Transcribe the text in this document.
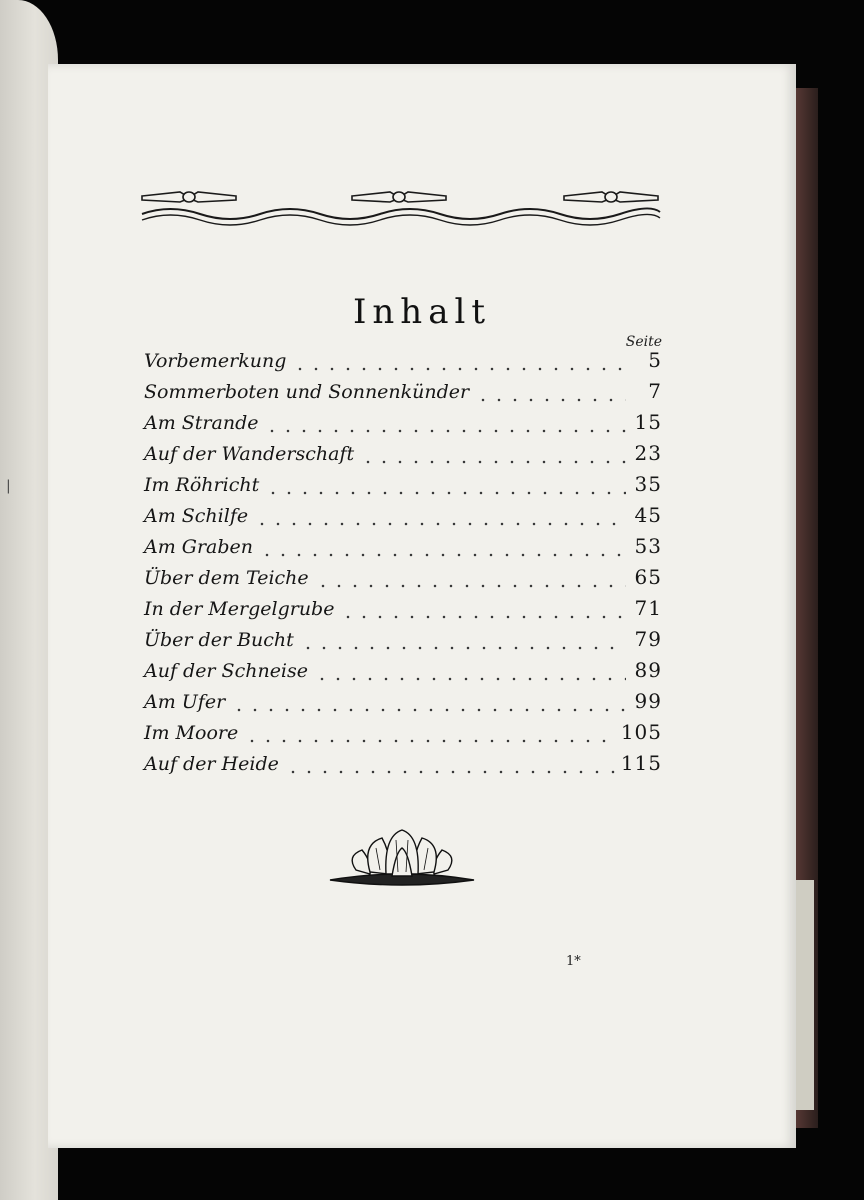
|
Inhalt
Seite
Vorbemerkung	5
Sommerboten und Sonnenkünder	7
Am Strande	15
Auf der Wanderschaft	23
Im Röhricht	35
Am Schilfe	45
Am Graben	53
Über dem Teiche	65
In der Mergelgrube	71
Über der Bucht	79
Auf der Schneise	89
Am Ufer	99
Im Moore	105
Auf der Heide	115
1*
